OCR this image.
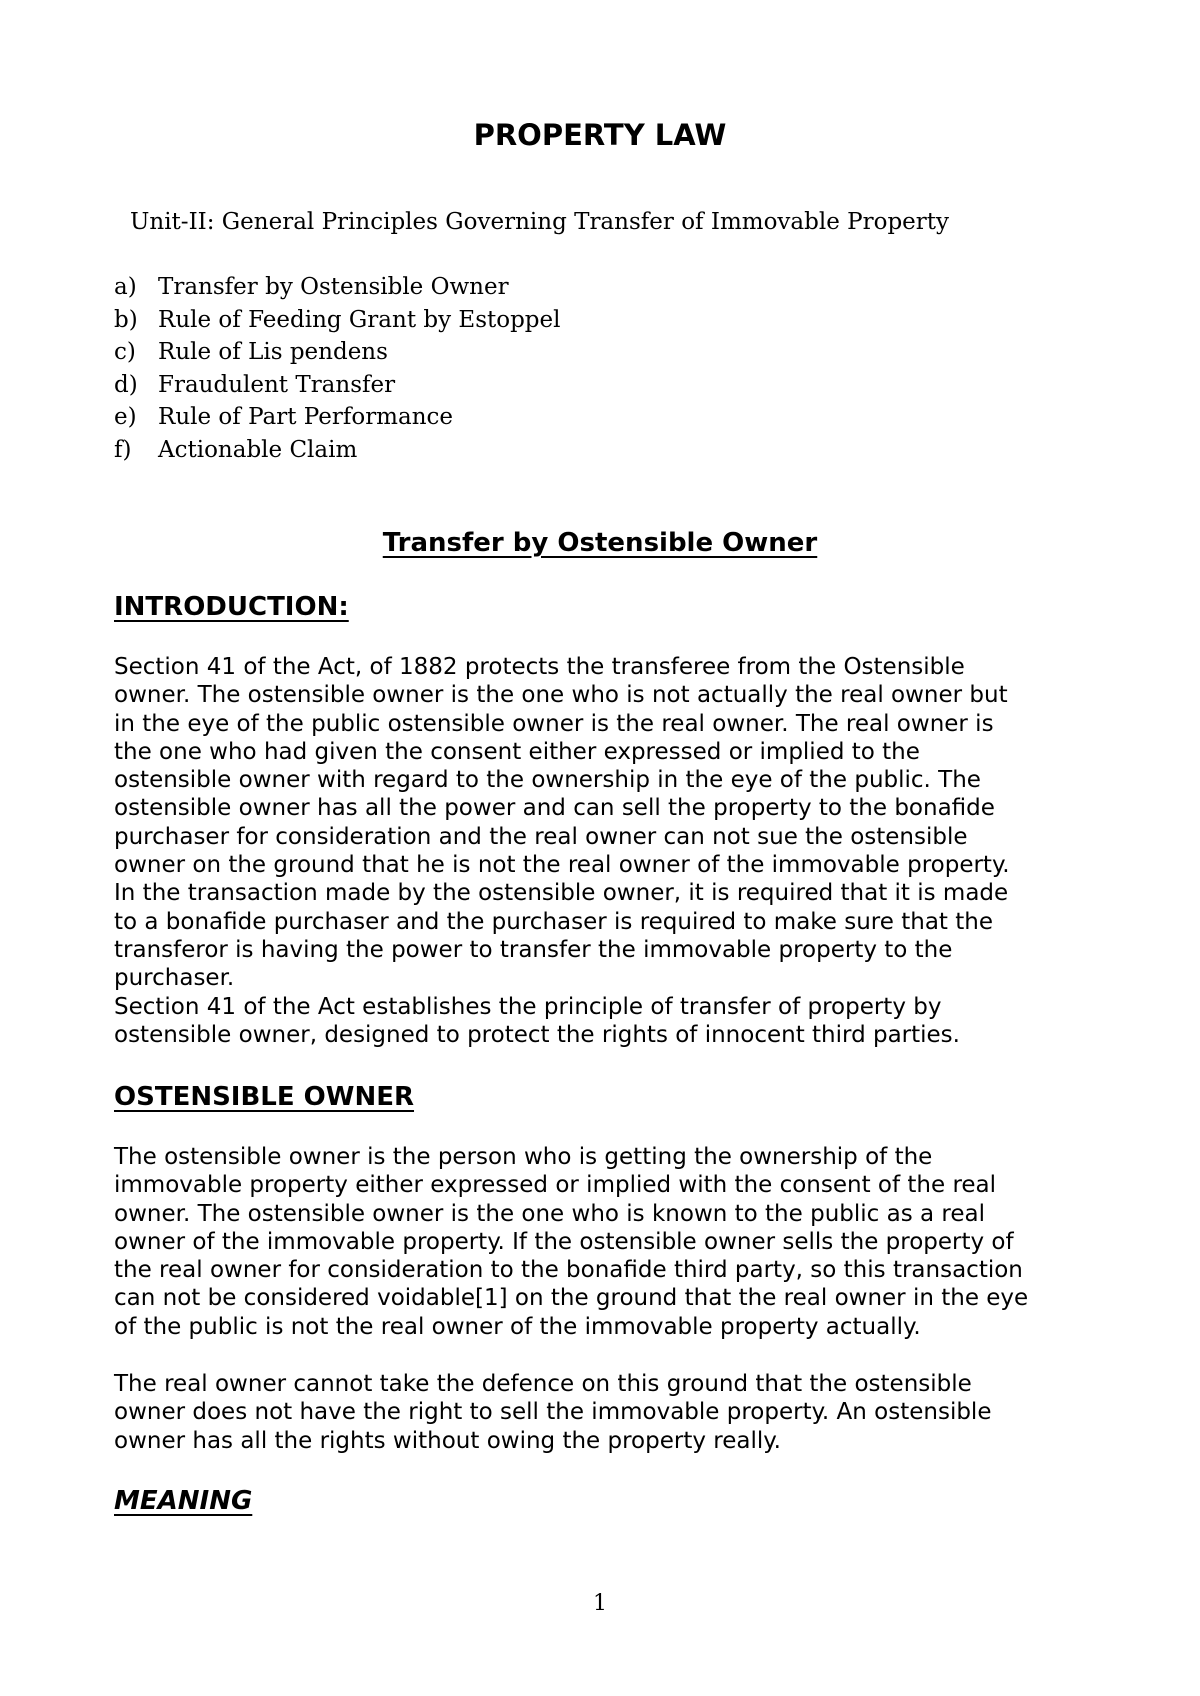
PROPERTY LAW

Unit-II: General Principles Governing Transfer of Immovable Property

a) Transfer by Ostensible Owner
b) Rule of Feeding Grant by Estoppel
c) Rule of Lis pendens
d) Fraudulent Transfer
e) Rule of Part Performance
f) Actionable Claim
Transfer by Ostensible Owner
INTRODUCTION:

Section 41 of the Act, of 1882 protects the transferee from the Ostensible
owner. The ostensible owner is the one who is not actually the real owner but
in the eye of the public ostensible owner is the real owner. The real owner is
the one who had given the consent either expressed or implied to the
ostensible owner with regard to the ownership in the eye of the public. The
ostensible owner has all the power and can sell the property to the bonafide
purchaser for consideration and the real owner can not sue the ostensible
owner on the ground that he is not the real owner of the immovable property.
In the transaction made by the ostensible owner, it is required that it is made
to a bonafide purchaser and the purchaser is required to make sure that the
transferor is having the power to transfer the immovable property to the
purchaser.
Section 41 of the Act establishes the principle of transfer of property by
ostensible owner, designed to protect the rights of innocent third parties.

OSTENSIBLE OWNER

The ostensible owner is the person who is getting the ownership of the
immovable property either expressed or implied with the consent of the real
owner. The ostensible owner is the one who is known to the public as a real
owner of the immovable property. If the ostensible owner sells the property of
the real owner for consideration to the bonafide third party, so this transaction
can not be considered voidable[1] on the ground that the real owner in the eye
of the public is not the real owner of the immovable property actually.

The real owner cannot take the defence on this ground that the ostensible
owner does not have the right to sell the immovable property. An ostensible
owner has all the rights without owing the property really.

MEANING

1
